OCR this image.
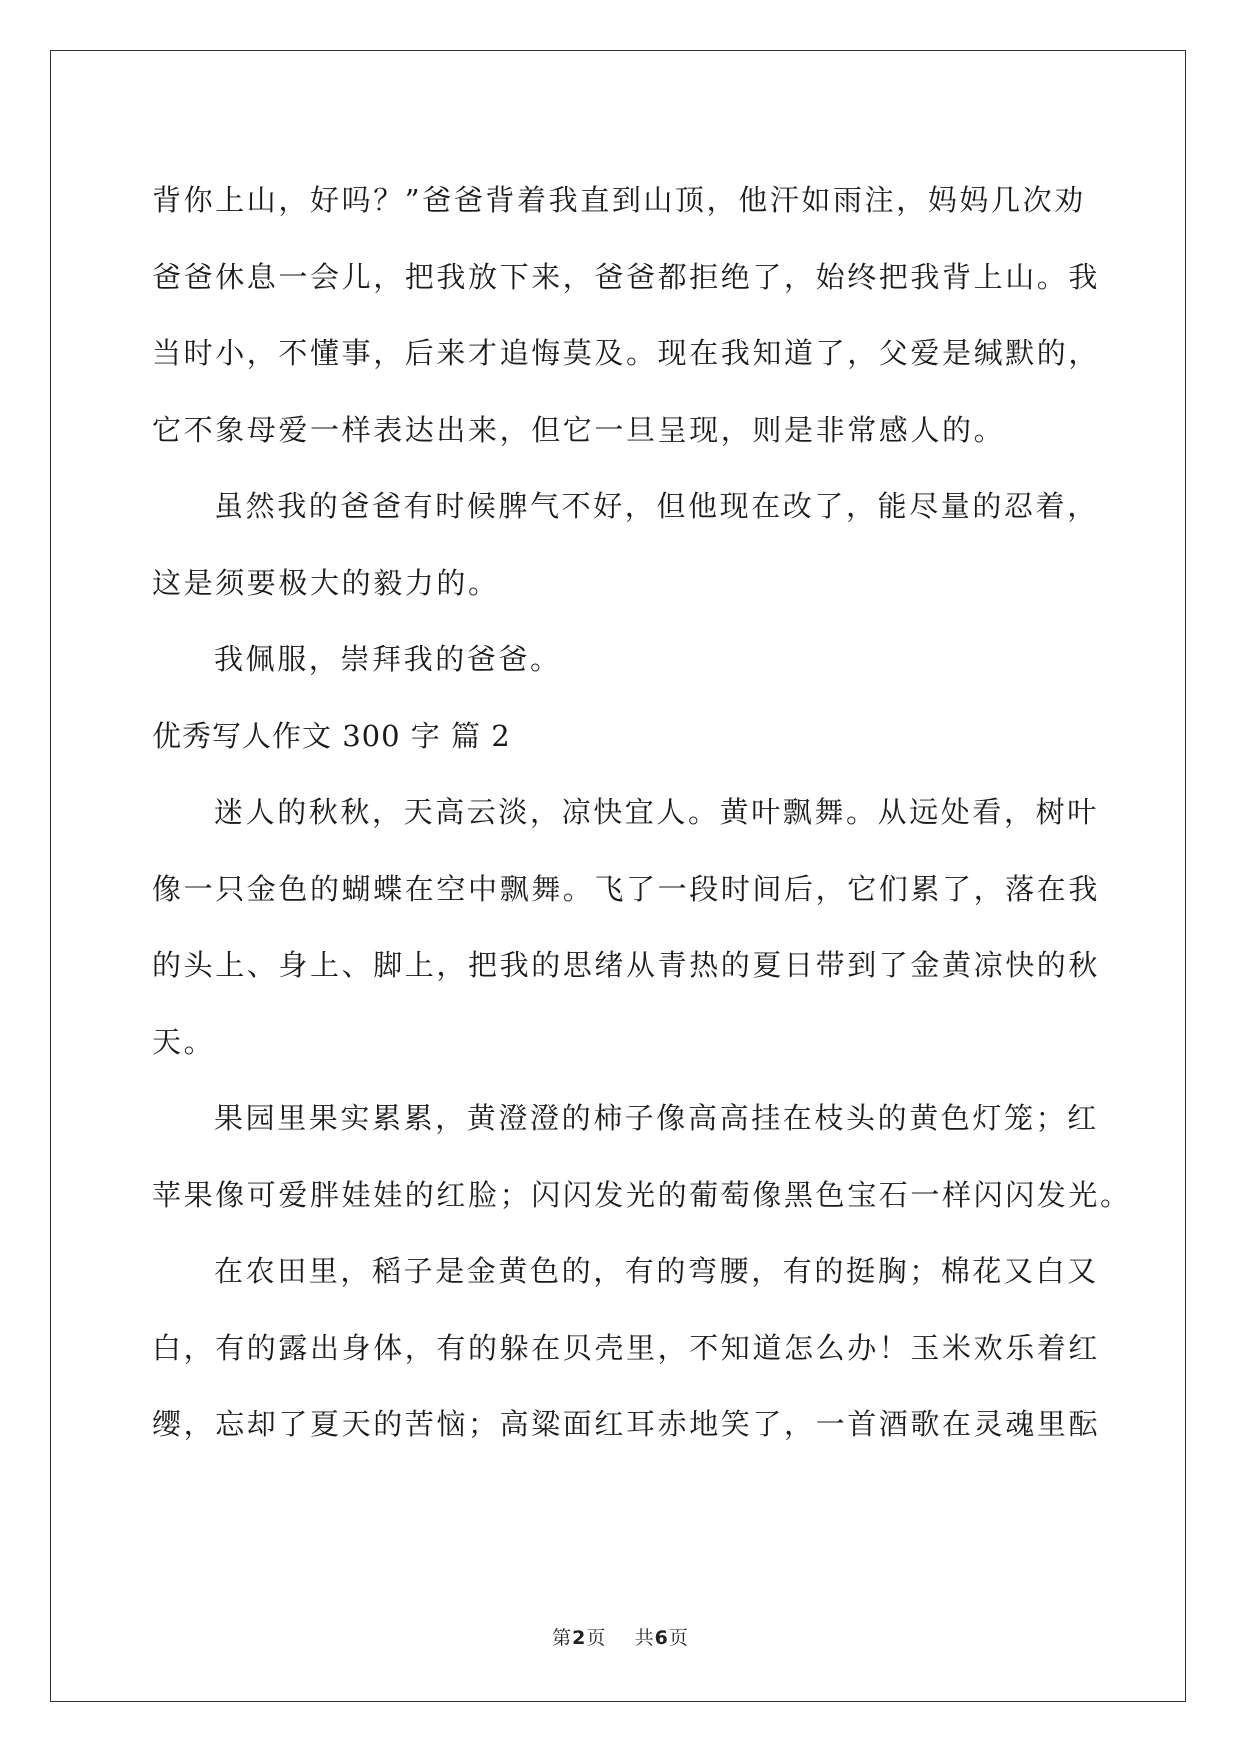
背你上山，好吗？”爸爸背着我直到山顶，他汗如雨注，妈妈几次劝
爸爸休息一会儿，把我放下来，爸爸都拒绝了，始终把我背上山。我
当时小，不懂事，后来才追悔莫及。现在我知道了，父爱是缄默的，
它不象母爱一样表达出来，但它一旦呈现，则是非常感人的。
虽然我的爸爸有时候脾气不好，但他现在改了，能尽量的忍着，
这是须要极大的毅力的。
我佩服，崇拜我的爸爸。
优秀写人作文 300 字 篇 2
迷人的秋秋，天高云淡，凉快宜人。黄叶飘舞。从远处看，树叶
像一只金色的蝴蝶在空中飘舞。飞了一段时间后，它们累了，落在我
的头上、身上、脚上，把我的思绪从青热的夏日带到了金黄凉快的秋
天。
果园里果实累累，黄澄澄的柿子像高高挂在枝头的黄色灯笼；红
苹果像可爱胖娃娃的红脸；闪闪发光的葡萄像黑色宝石一样闪闪发光。
在农田里，稻子是金黄色的，有的弯腰，有的挺胸；棉花又白又
白，有的露出身体，有的躲在贝壳里，不知道怎么办！玉米欢乐着红
缨，忘却了夏天的苦恼；高粱面红耳赤地笑了，一首酒歌在灵魂里酝
第2页 共6页
